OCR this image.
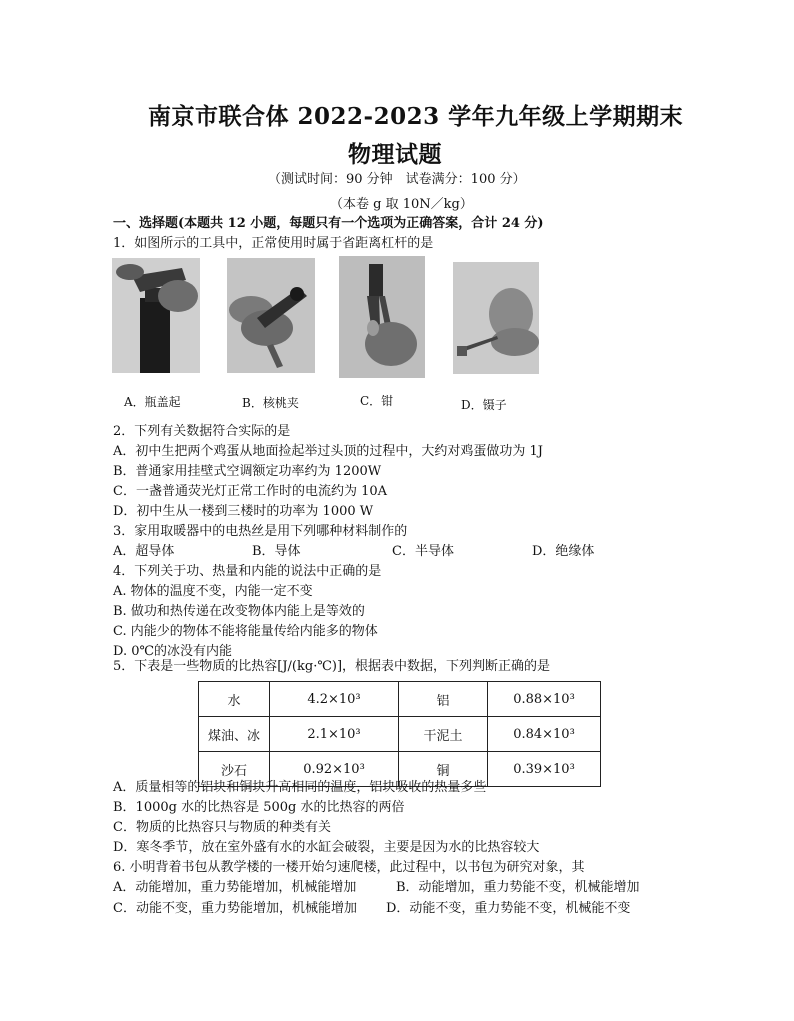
南京市联合体 2022-2023 学年九年级上学期期末
物理试题
（测试时间：90 分钟　试卷满分：100 分）
（本卷 g 取 10N／kg）
一、选择题(本题共 12 小题，每题只有一个选项为正确答案，合计 24 分)
1．如图所示的工具中，正常使用时属于省距离杠杆的是
A．瓶盖起	B．核桃夹	C．钳	D．镊子
2．下列有关数据符合实际的是
A．初中生把两个鸡蛋从地面捡起举过头顶的过程中，大约对鸡蛋做功为 1J
B．普通家用挂壁式空调额定功率约为 1200W
C．一盏普通荧光灯正常工作时的电流约为 10A
D．初中生从一楼到三楼时的功率为 1000 W
3．家用取暖器中的电热丝是用下列哪种材料制作的
A．超导体	B．导体	C．半导体	D．绝缘体
4．下列关于功、热量和内能的说法中正确的是
A. 物体的温度不变，内能一定不变
B. 做功和热传递在改变物体内能上是等效的
C. 内能少的物体不能将能量传给内能多的物体
D. 0℃的冰没有内能
5．下表是一些物质的比热容[J/(kg·℃)]，根据表中数据，下列判断正确的是
水	4.2×10³	铝	0.88×10³
煤油、冰	2.1×10³	干泥土	0.84×10³
沙石	0.92×10³	铜	0.39×10³
A．质量相等的铝块和铜块升高相同的温度，铝块吸收的热量多些
B．1000g 水的比热容是 500g 水的比热容的两倍
C．物质的比热容只与物质的种类有关
D．寒冬季节，放在室外盛有水的水缸会破裂，主要是因为水的比热容较大
6. 小明背着书包从教学楼的一楼开始匀速爬楼，此过程中，以书包为研究对象，其
A．动能增加，重力势能增加，机械能增加	B．动能增加，重力势能不变，机械能增加
C．动能不变，重力势能增加，机械能增加 D．动能不变，重力势能不变，机械能不变
